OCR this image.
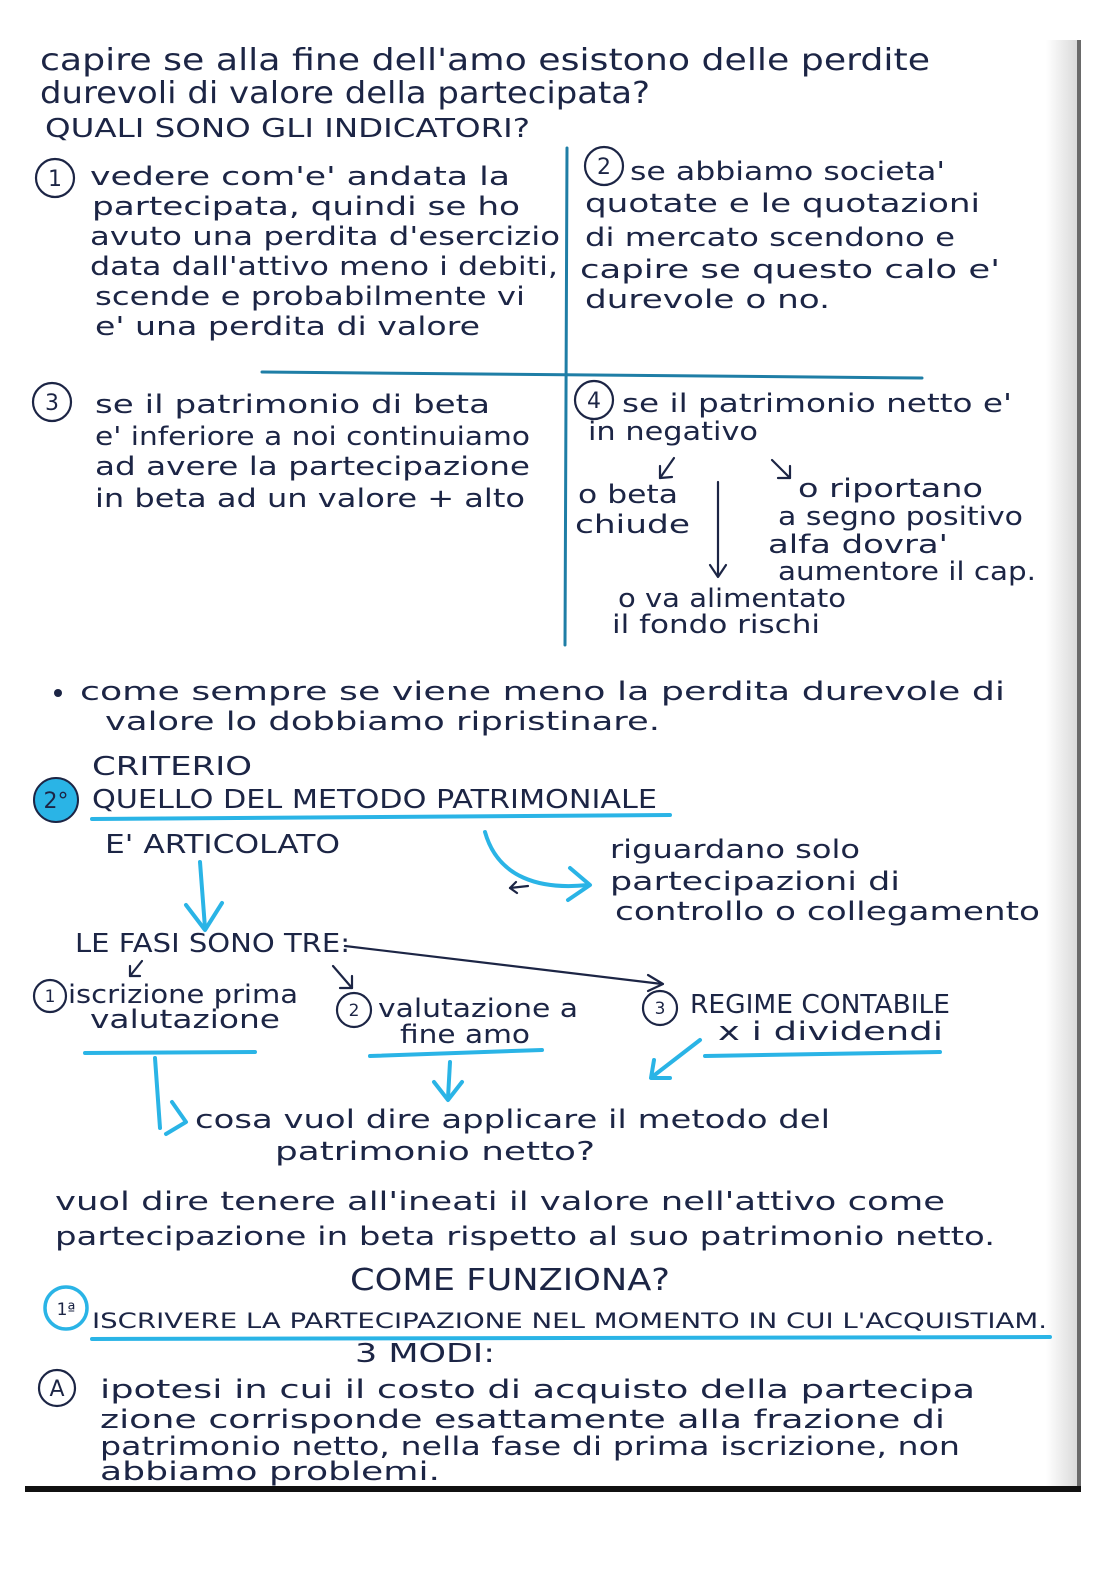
capire se alla fine dell'amo esistono delle perdite
durevoli di valore della partecipata?
QUALI SONO GLI INDICATORI?
1 vedere com'e' andata la
partecipata, quindi se ho
avuto una perdita d'esercizio
data dall'attivo meno i debiti,
scende e probabilmente vi
e' una perdita di valore
2 se abbiamo societa'
quotate e le quotazioni
di mercato scendono e
capire se questo calo e'
durevole o no.
3 se il patrimonio di beta
e' inferiore a noi continuiamo
ad avere la partecipazione
in beta ad un valore + alto
4 se il patrimonio netto e'
in negativo
o beta
chiude
o riportano
a segno positivo
alfa dovra'
aumentore il cap.
o va alimentato
il fondo rischi
come sempre se viene meno la perdita durevole di
valore lo dobbiamo ripristinare.
2°
CRITERIO
QUELLO DEL METODO PATRIMONIALE
E' ARTICOLATO	riguardano solo
partecipazioni di
controllo o collegamento
LE FASI SONO TRE:
1 iscrizione prima
valutazione	2 valutazione a
fine amo
3 REGIME CONTABILE
x i dividendi
cosa vuol dire applicare il metodo del
patrimonio netto?
vuol dire tenere all'ineati il valore nell'attivo come
partecipazione in beta rispetto al suo patrimonio netto.
COME FUNZIONA?
1ª ISCRIVERE LA PARTECIPAZIONE NEL MOMENTO IN CUI L'ACQUISTIAM.
3 MODI:
A ipotesi in cui il costo di acquisto della partecipa
zione corrisponde esattamente alla frazione di
patrimonio netto, nella fase di prima iscrizione, non
abbiamo problemi.
